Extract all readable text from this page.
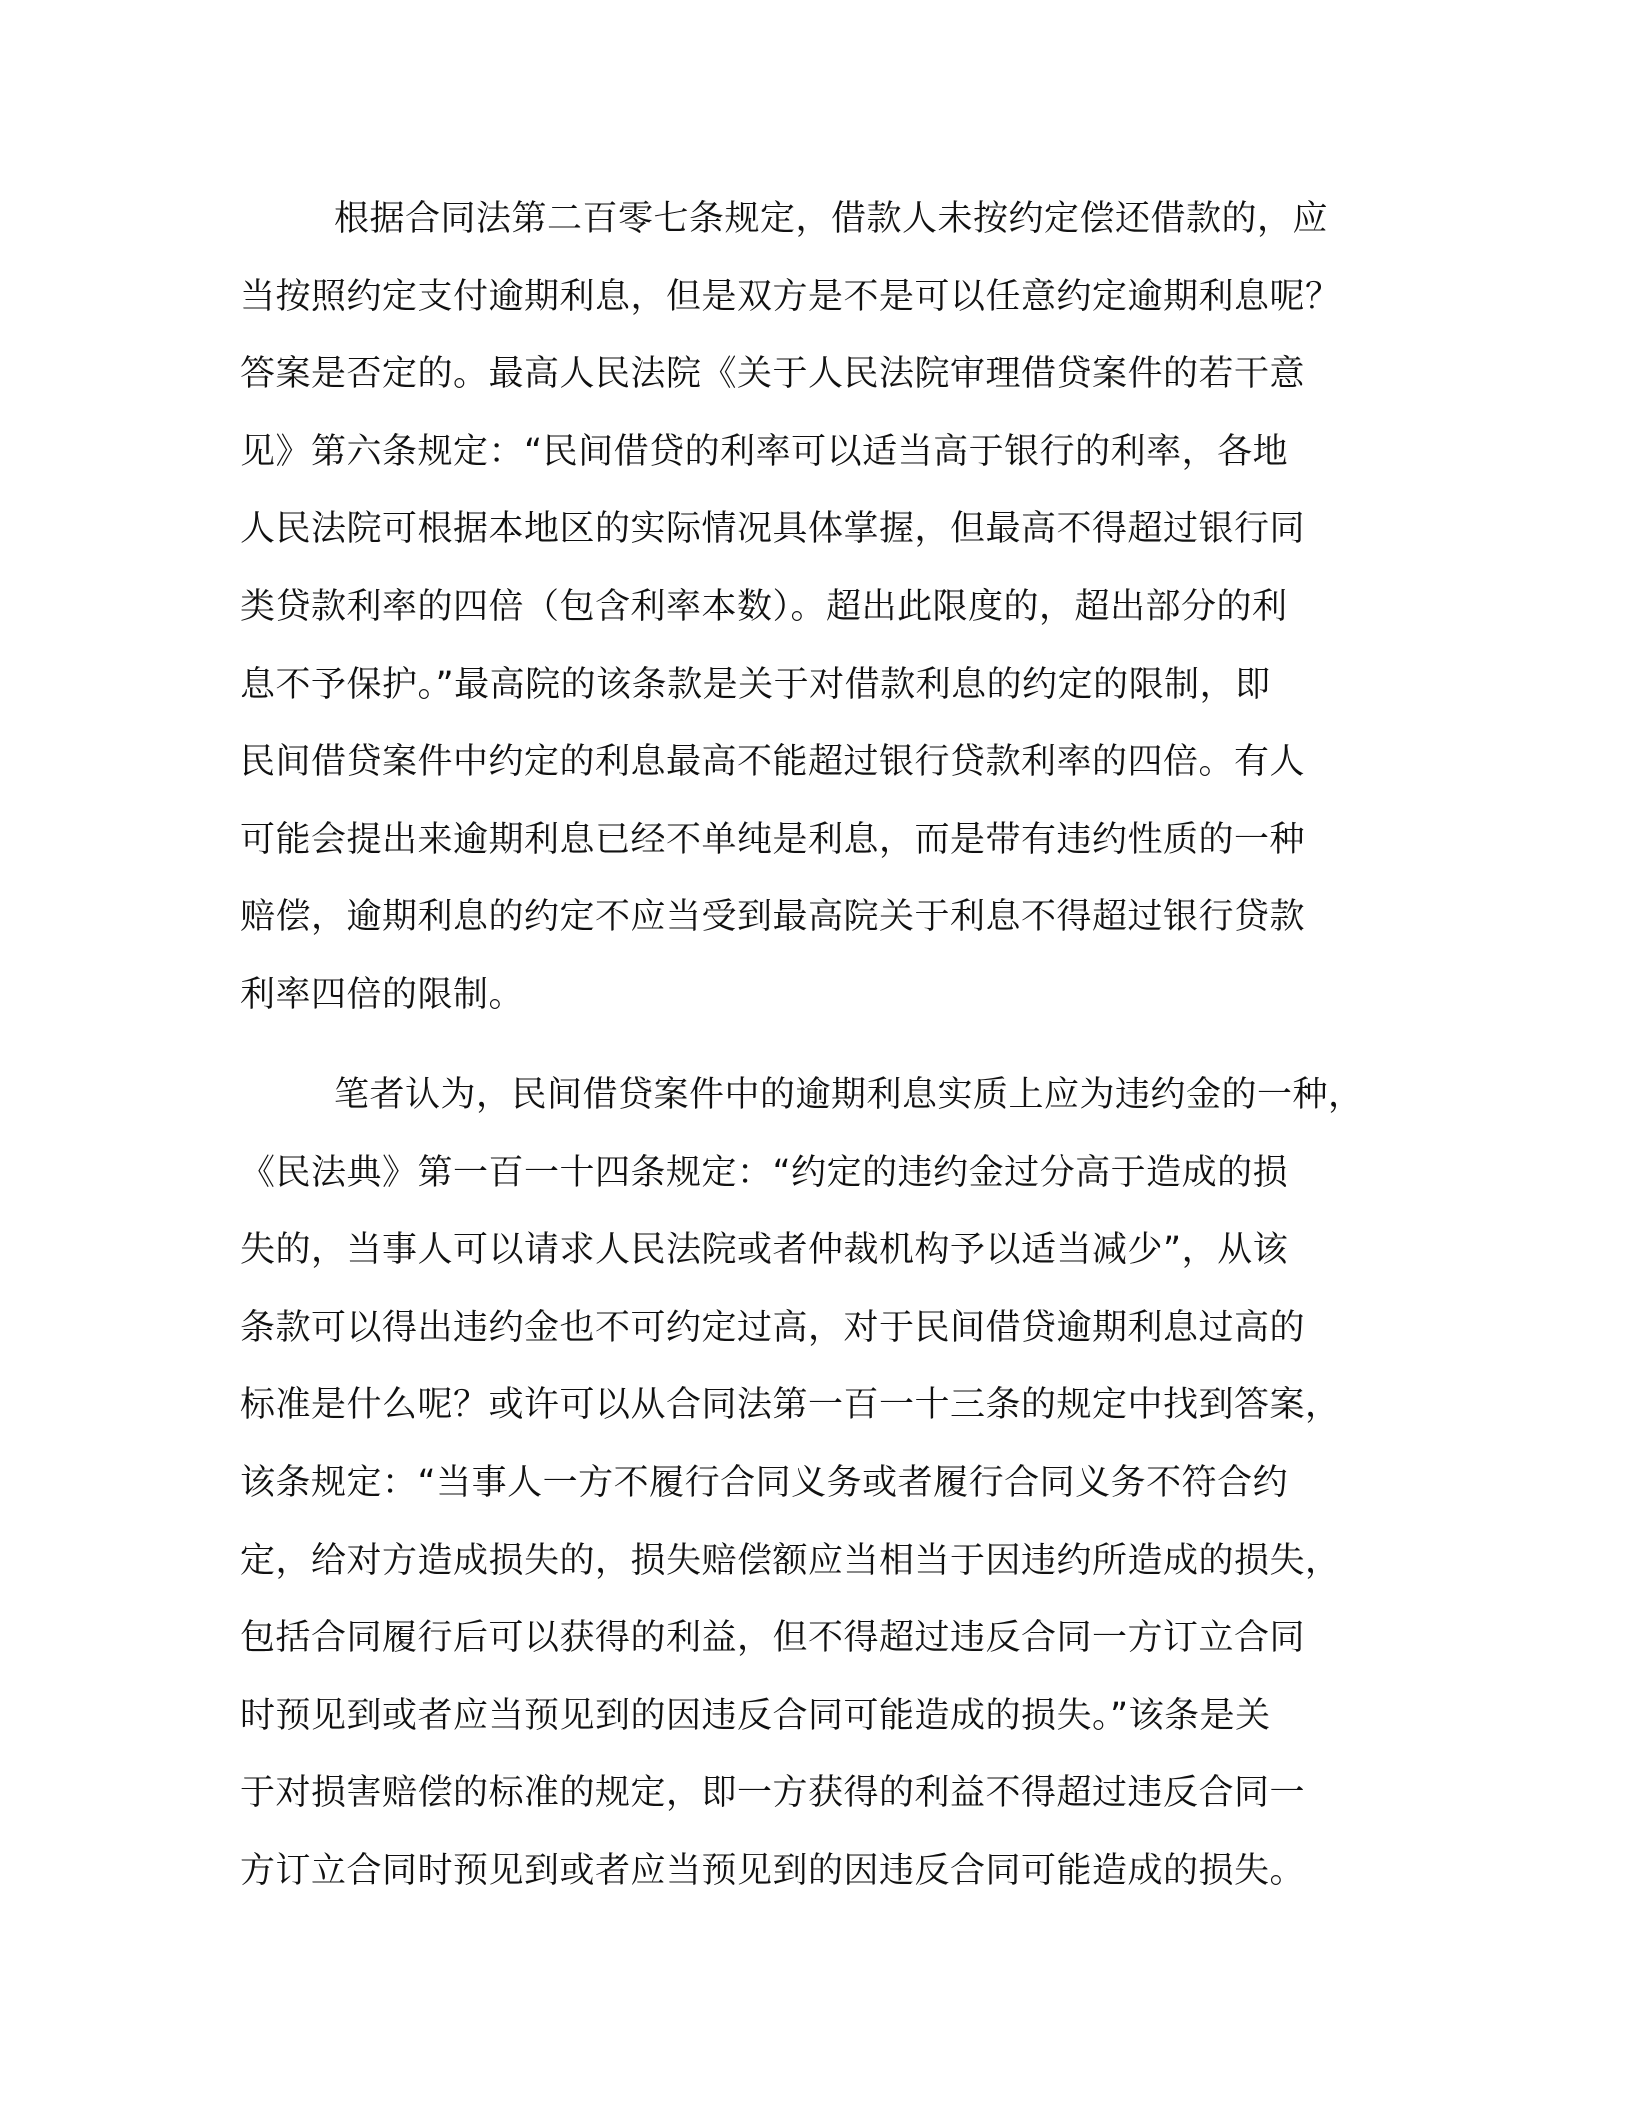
根据合同法第二百零七条规定，借款人未按约定偿还借款的，应
当按照约定支付逾期利息，但是双方是不是可以任意约定逾期利息呢？
答案是否定的。最高人民法院《关于人民法院审理借贷案件的若干意
见》第六条规定：“民间借贷的利率可以适当高于银行的利率，各地
人民法院可根据本地区的实际情况具体掌握，但最高不得超过银行同
类贷款利率的四倍（包含利率本数）。超出此限度的，超出部分的利
息不予保护。”最高院的该条款是关于对借款利息的约定的限制，即
民间借贷案件中约定的利息最高不能超过银行贷款利率的四倍。有人
可能会提出来逾期利息已经不单纯是利息，而是带有违约性质的一种
赔偿，逾期利息的约定不应当受到最高院关于利息不得超过银行贷款
利率四倍的限制。
笔者认为，民间借贷案件中的逾期利息实质上应为违约金的一种，
《民法典》第一百一十四条规定：“约定的违约金过分高于造成的损
失的，当事人可以请求人民法院或者仲裁机构予以适当减少”，从该
条款可以得出违约金也不可约定过高，对于民间借贷逾期利息过高的
标准是什么呢？或许可以从合同法第一百一十三条的规定中找到答案，
该条规定：“当事人一方不履行合同义务或者履行合同义务不符合约
定，给对方造成损失的，损失赔偿额应当相当于因违约所造成的损失，
包括合同履行后可以获得的利益，但不得超过违反合同一方订立合同
时预见到或者应当预见到的因违反合同可能造成的损失。”该条是关
于对损害赔偿的标准的规定，即一方获得的利益不得超过违反合同一
方订立合同时预见到或者应当预见到的因违反合同可能造成的损失。
